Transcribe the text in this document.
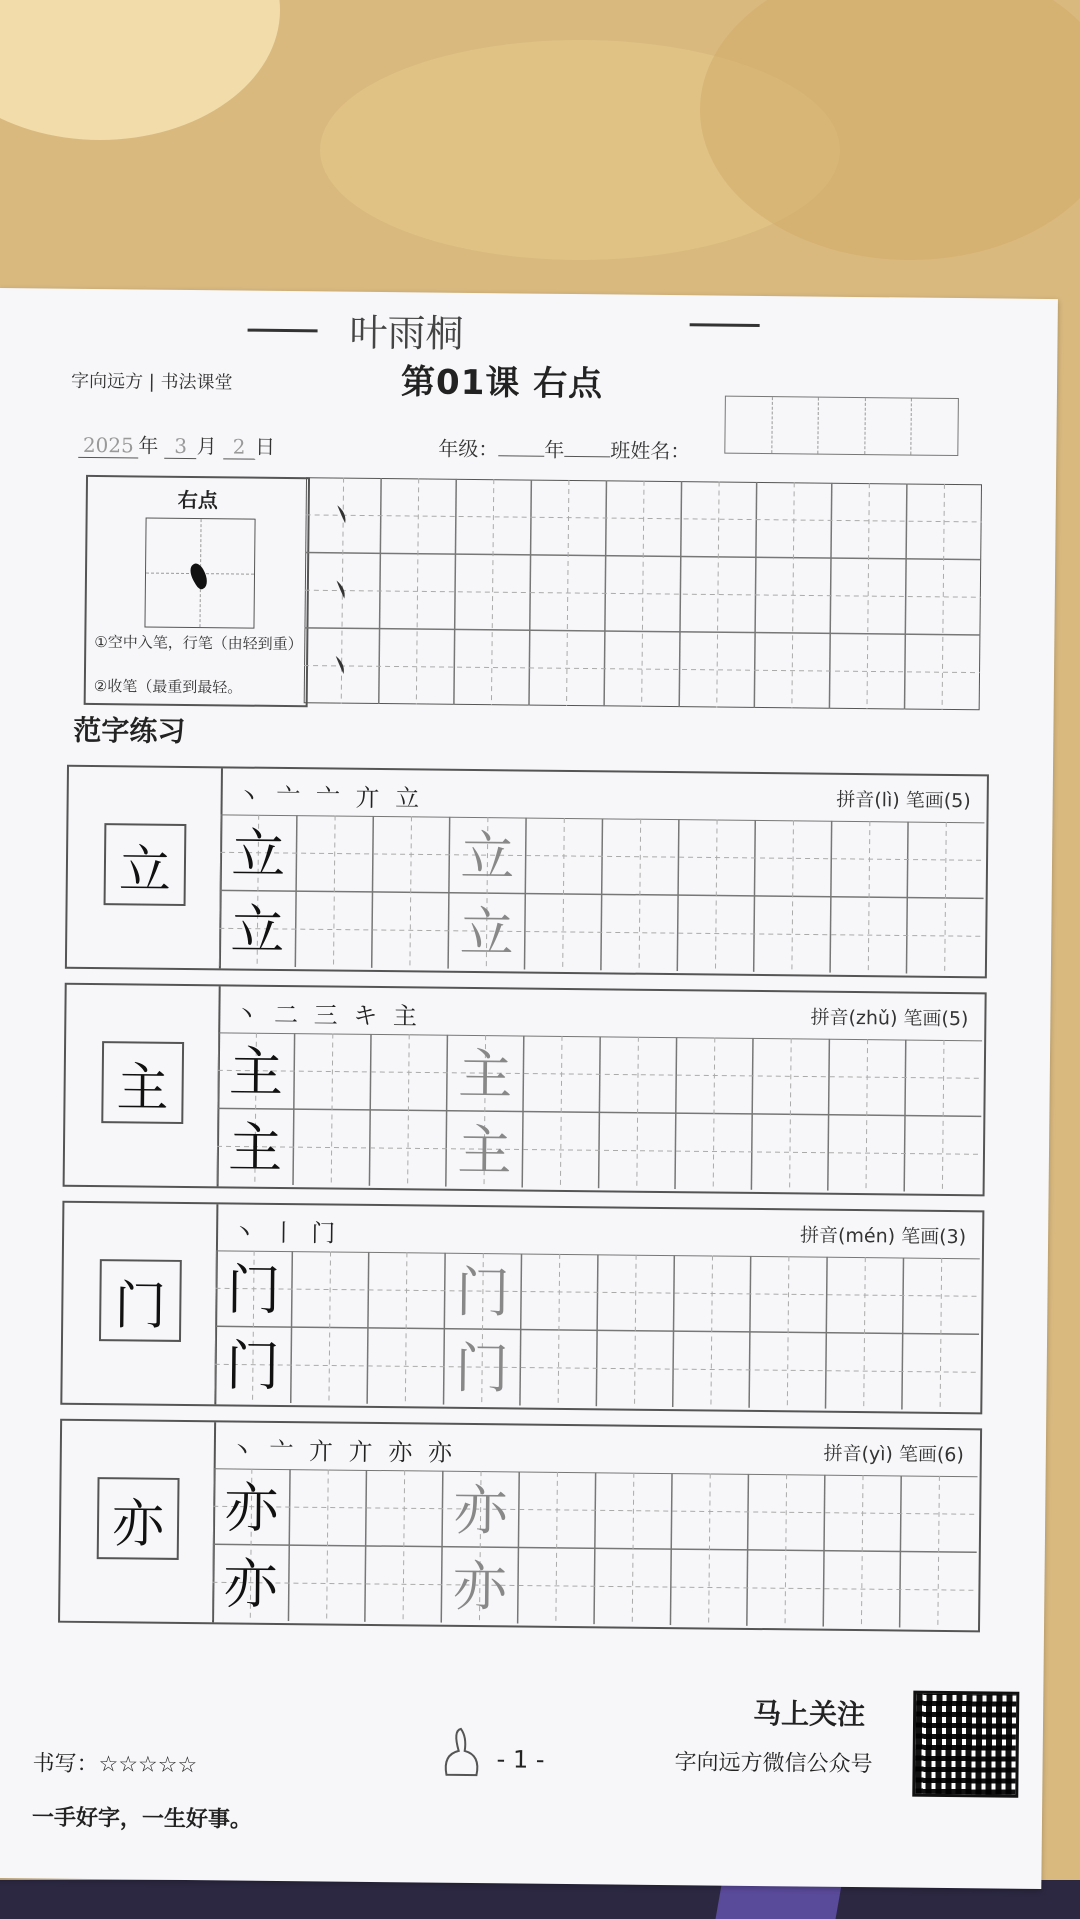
叶雨桐
字向远方 | 书法课堂	第01课 右点
2025 年 3 月 2 日	年级： 年 班姓名：
右点
①空中入笔，行笔（由轻到重）
②收笔（最重到最轻。
范字练习
立
丶 亠 亠 亣 立	拼音(lì) 笔画(5)
立
立
立
立
主
丶 二 三 キ 主	拼音(zhǔ) 笔画(5)
主
主
主
主
门
丶 丨 门	拼音(mén) 笔画(3)
门
门
门
门
亦
丶 亠 亣 亣 亦 亦	拼音(yì) 笔画(6)
亦
亦
亦
亦
书写：☆☆☆☆☆	- 1 -
马上关注
字向远方微信公众号
一手好字，一生好事。
